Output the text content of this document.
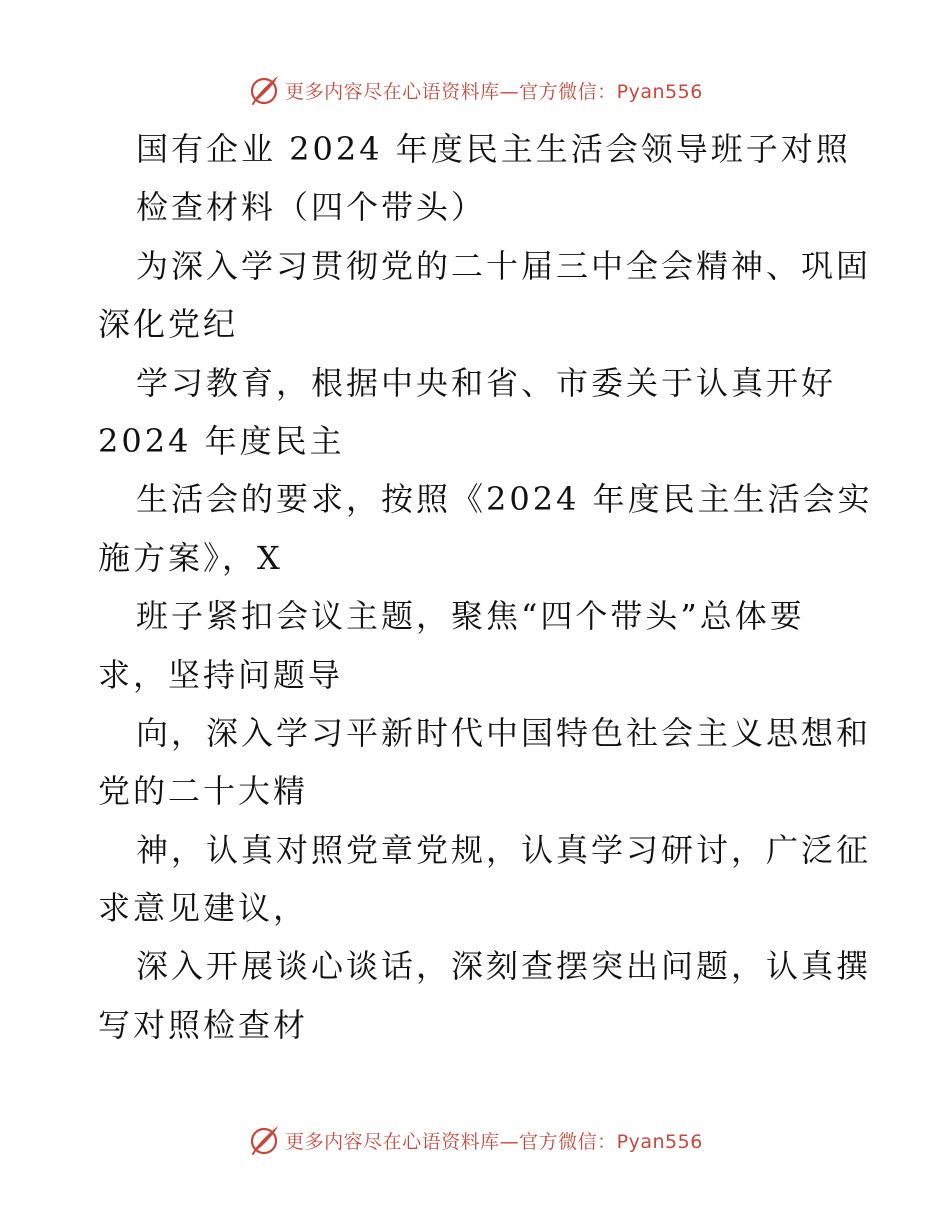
更多内容尽在心语资料库—官方微信：Pyan556
国有企业 2024 年度民主生活会领导班子对照
检查材料（四个带头）
为深入学习贯彻党的二十届三中全会精神、巩固
深化党纪
学习教育，根据中央和省、市委关于认真开好
2024 年度民主
生活会的要求，按照《2024 年度民主生活会实
施方案》，X
班子紧扣会议主题，聚焦“四个带头”总体要
求，坚持问题导
向，深入学习平新时代中国特色社会主义思想和
党的二十大精
神，认真对照党章党规，认真学习研讨，广泛征
求意见建议，
深入开展谈心谈话，深刻查摆突出问题，认真撰
写对照检查材
更多内容尽在心语资料库—官方微信：Pyan556
